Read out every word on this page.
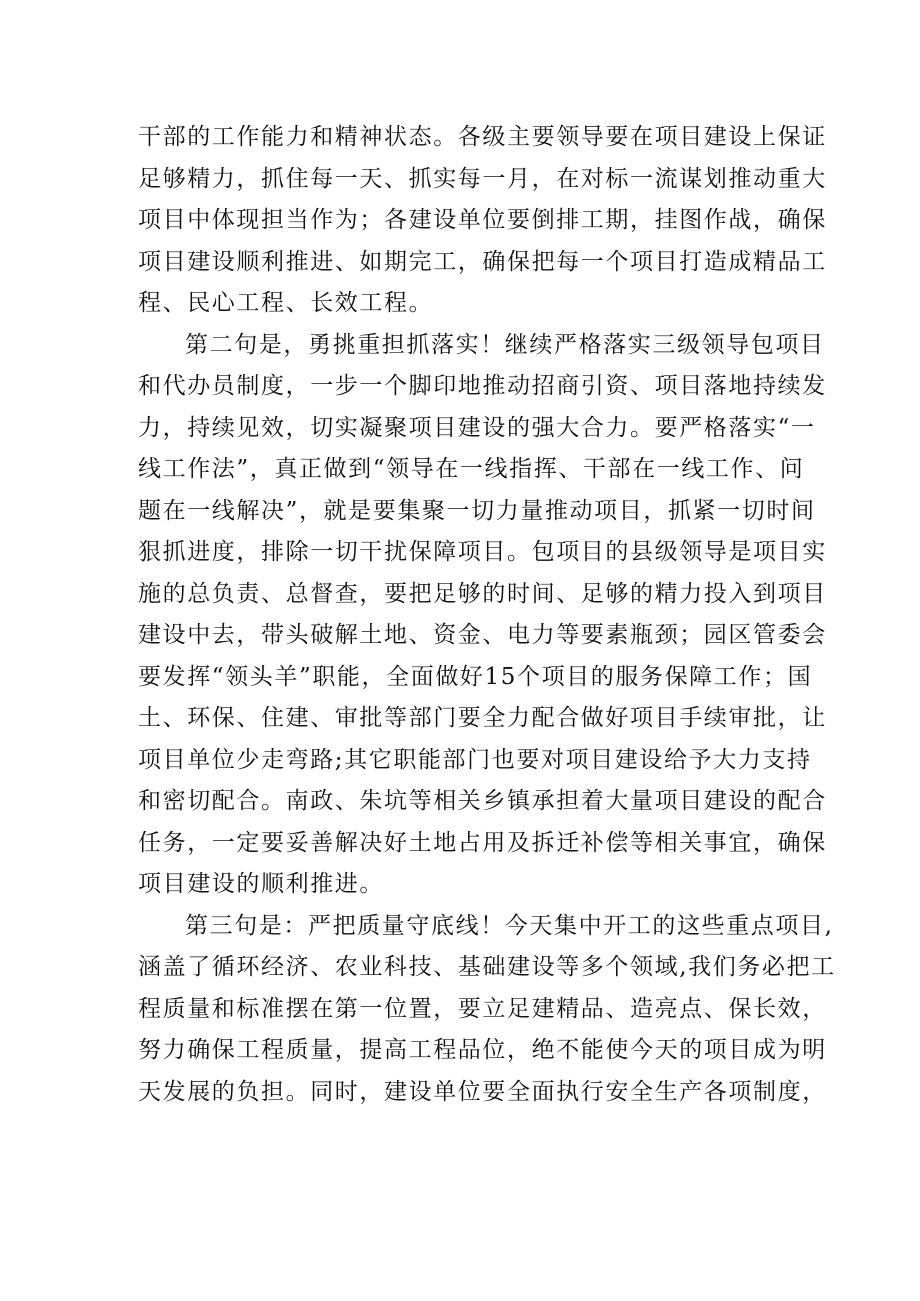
干部的工作能力和精神状态。各级主要领导要在项目建设上保证
足够精力，抓住每一天、抓实每一月，在对标一流谋划推动重大
项目中体现担当作为；各建设单位要倒排工期，挂图作战，确保
项目建设顺利推进、如期完工，确保把每一个项目打造成精品工
程、民心工程、长效工程。

第二句是，勇挑重担抓落实！继续严格落实三级领导包项目
和代办员制度，一步一个脚印地推动招商引资、项目落地持续发
力，持续见效，切实凝聚项目建设的强大合力。要严格落实“一
线工作法”，真正做到“领导在一线指挥、干部在一线工作、问
题在一线解决”，就是要集聚一切力量推动项目，抓紧一切时间
狠抓进度，排除一切干扰保障项目。包项目的县级领导是项目实
施的总负责、总督查，要把足够的时间、足够的精力投入到项目
建设中去，带头破解土地、资金、电力等要素瓶颈；园区管委会
要发挥“领头羊”职能，全面做好15个项目的服务保障工作；国
土、环保、住建、审批等部门要全力配合做好项目手续审批，让
项目单位少走弯路;其它职能部门也要对项目建设给予大力支持
和密切配合。南政、朱坑等相关乡镇承担着大量项目建设的配合
任务，一定要妥善解决好土地占用及拆迁补偿等相关事宜，确保
项目建设的顺利推进。

第三句是：严把质量守底线！今天集中开工的这些重点项目,
涵盖了循环经济、农业科技、基础建设等多个领域,我们务必把工
程质量和标准摆在第一位置，要立足建精品、造亮点、保长效，
努力确保工程质量，提高工程品位，绝不能使今天的项目成为明
天发展的负担。同时，建设单位要全面执行安全生产各项制度，
